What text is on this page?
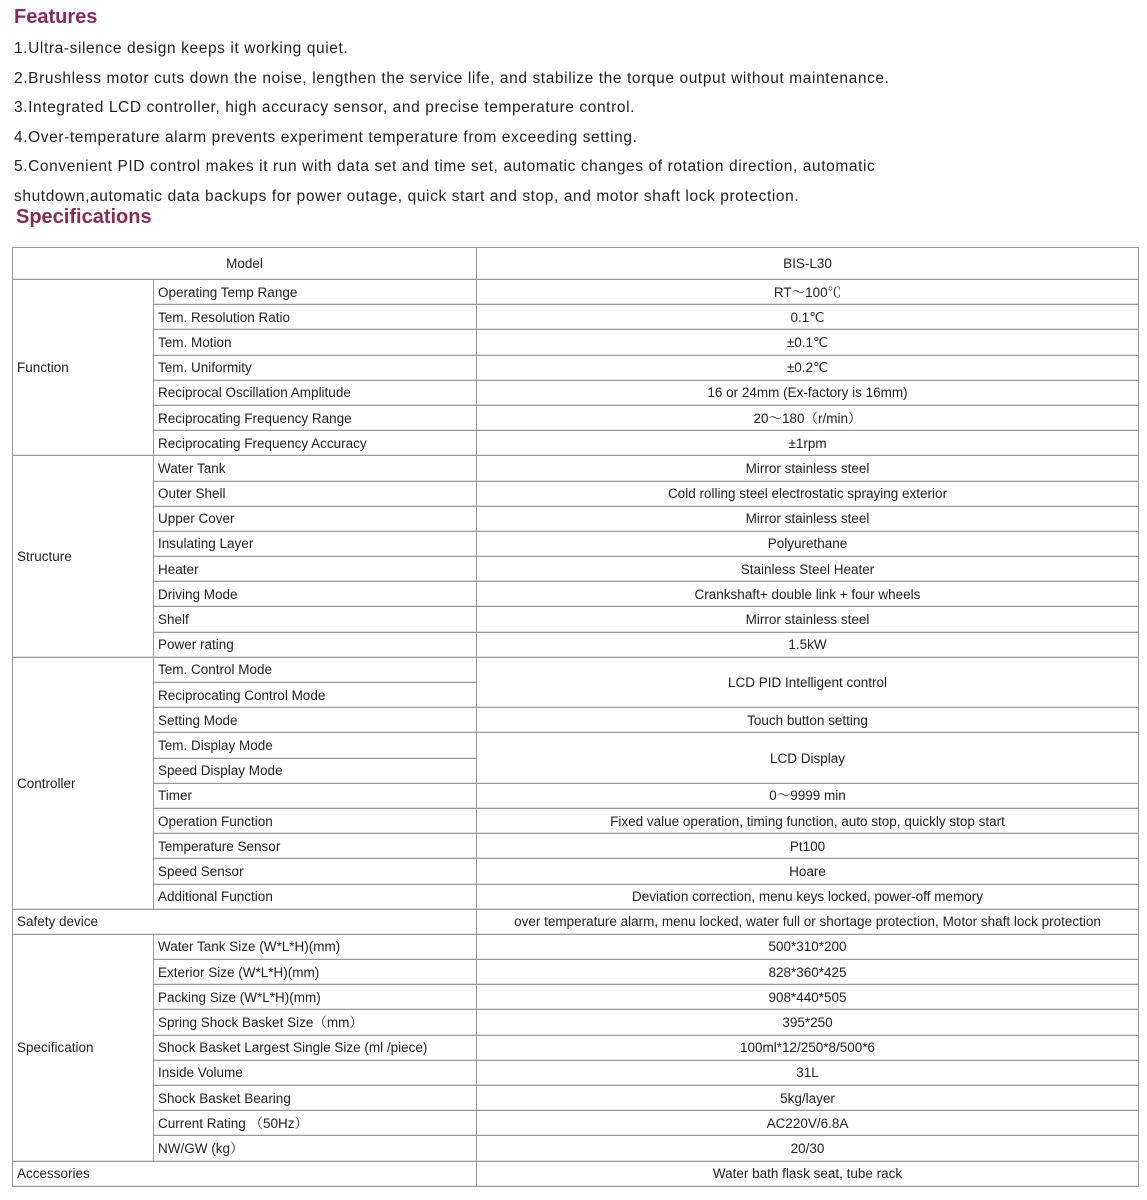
Features
1.Ultra-silence design keeps it working quiet.
2.Brushless motor cuts down the noise, lengthen the service life, and stabilize the torque output without maintenance.
3.Integrated LCD controller, high accuracy sensor, and precise temperature control.
4.Over-temperature alarm prevents experiment temperature from exceeding setting.
5.Convenient PID control makes it run with data set and time set, automatic changes of rotation direction, automatic
shutdown,automatic data backups for power outage, quick start and stop, and motor shaft lock protection.
Specifications
Model		BIS-L30
Function	Operating Temp Range	RT～100℃
	Tem. Resolution Ratio	0.1℃
	Tem. Motion	±0.1℃
	Tem. Uniformity	±0.2℃
	Reciprocal Oscillation Amplitude	16 or 24mm (Ex-factory is 16mm)
	Reciprocating Frequency Range	20～180（r/min）
	Reciprocating Frequency Accuracy	±1rpm
Structure	Water Tank	Mirror stainless steel
	Outer Shell	Cold rolling steel electrostatic spraying exterior
	Upper Cover	Mirror stainless steel
	Insulating Layer	Polyurethane
	Heater	Stainless Steel Heater
	Driving Mode	Crankshaft+ double link + four wheels
	Shelf	Mirror stainless steel
	Power rating	1.5kW
Controller	Tem. Control Mode	LCD PID Intelligent control
	Reciprocating Control Mode	
	Setting Mode	Touch button setting
	Tem. Display Mode	LCD Display
	Speed Display Mode	
	Timer	0～9999 min
	Operation Function	Fixed value operation, timing function, auto stop, quickly stop start
	Temperature Sensor	Pt100
	Speed Sensor	Hoare
	Additional Function	Deviation correction, menu keys locked, power-off memory
Safety device		over temperature alarm, menu locked, water full or shortage protection, Motor shaft lock protection
Specification	Water Tank Size (W*L*H)(mm)	500*310*200
	Exterior Size (W*L*H)(mm)	828*360*425
	Packing Size (W*L*H)(mm)	908*440*505
	Spring Shock Basket Size（mm）	395*250
	Shock Basket Largest Single Size (ml /piece)	100ml*12/250*8/500*6
	Inside Volume	31L
	Shock Basket Bearing	5kg/layer
	Current Rating （50Hz）	AC220V/6.8A
	NW/GW (kg）	20/30
Accessories		Water bath flask seat, tube rack
